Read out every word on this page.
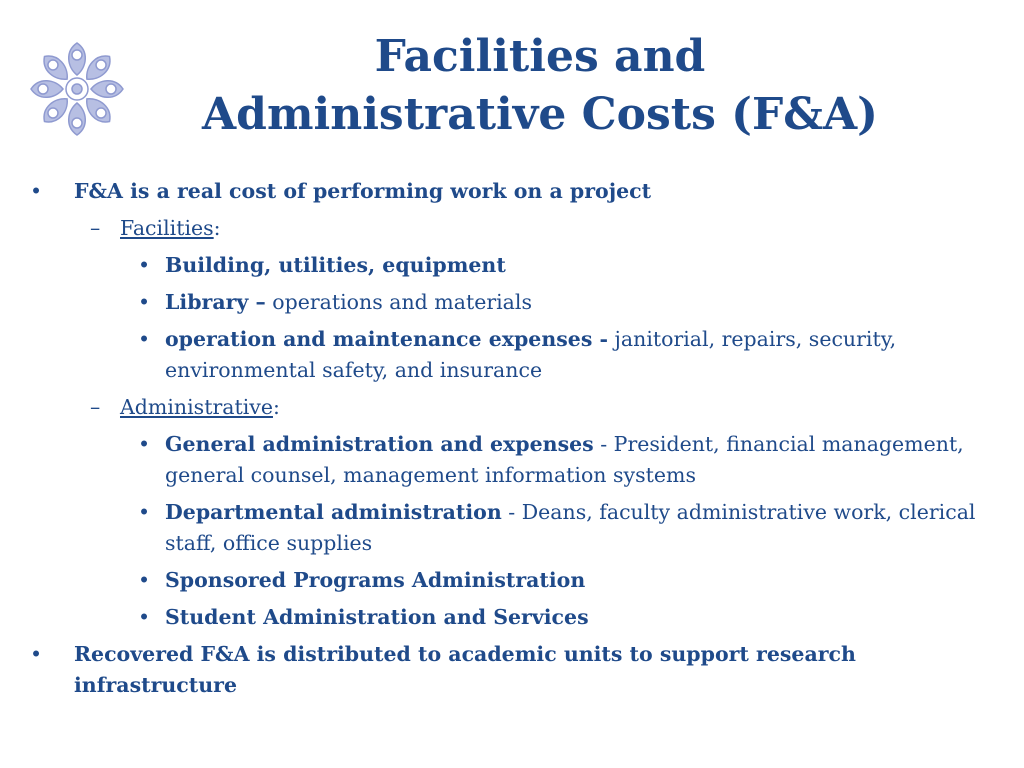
Facilities and
Administrative Costs (F&A)
• F&A is a real cost of performing work on a project
– Facilities:
• Building, utilities, equipment
• Library – operations and materials
• operation and maintenance expenses - janitorial, repairs, security, environmental safety, and insurance
– Administrative:
• General administration and expenses - President, financial management, general counsel, management information systems
• Departmental administration - Deans, faculty administrative work, clerical staff, office supplies
• Sponsored Programs Administration
• Student Administration and Services
• Recovered F&A is distributed to academic units to support research infrastructure
